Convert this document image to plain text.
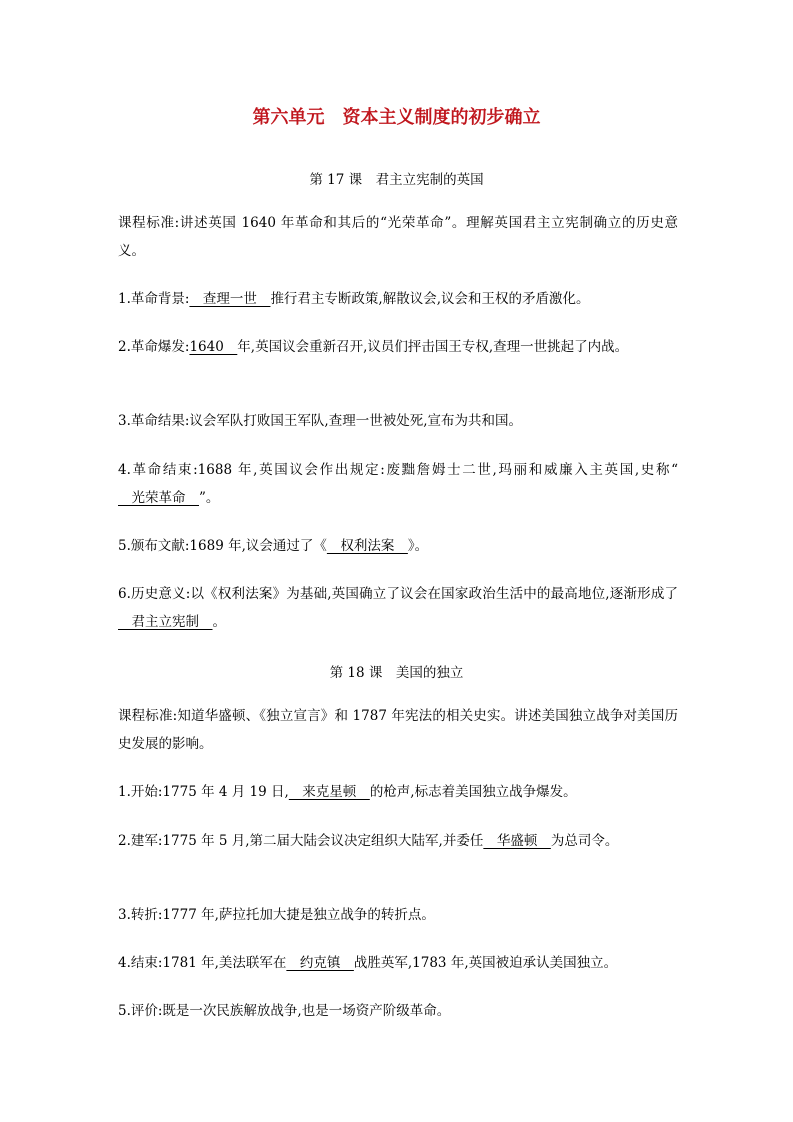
第六单元　资本主义制度的初步确立
第 17 课　君主立宪制的英国
课程标准:讲述英国 1640 年革命和其后的“光荣革命”。理解英国君主立宪制确立的历史意义。
1.革命背景:　查理一世　推行君主专断政策,解散议会,议会和王权的矛盾激化。
2.革命爆发:1640　年,英国议会重新召开,议员们抨击国王专权,查理一世挑起了内战。
3.革命结果:议会军队打败国王军队,查理一世被处死,宣布为共和国。
4.革命结束:1688 年,英国议会作出规定:废黜詹姆士二世,玛丽和威廉入主英国,史称“　光荣革命　”。
5.颁布文献:1689 年,议会通过了《　权利法案　》。
6.历史意义:以《权利法案》为基础,英国确立了议会在国家政治生活中的最高地位,逐渐形成了　君主立宪制　。
第 18 课　美国的独立
课程标准:知道华盛顿、《独立宣言》和 1787 年宪法的相关史实。讲述美国独立战争对美国历史发展的影响。
1.开始:1775 年 4 月 19 日,　来克星顿　的枪声,标志着美国独立战争爆发。
2.建军:1775 年 5 月,第二届大陆会议决定组织大陆军,并委任　华盛顿　为总司令。
3.转折:1777 年,萨拉托加大捷是独立战争的转折点。
4.结束:1781 年,美法联军在　约克镇　战胜英军,1783 年,英国被迫承认美国独立。
5.评价:既是一次民族解放战争,也是一场资产阶级革命。
